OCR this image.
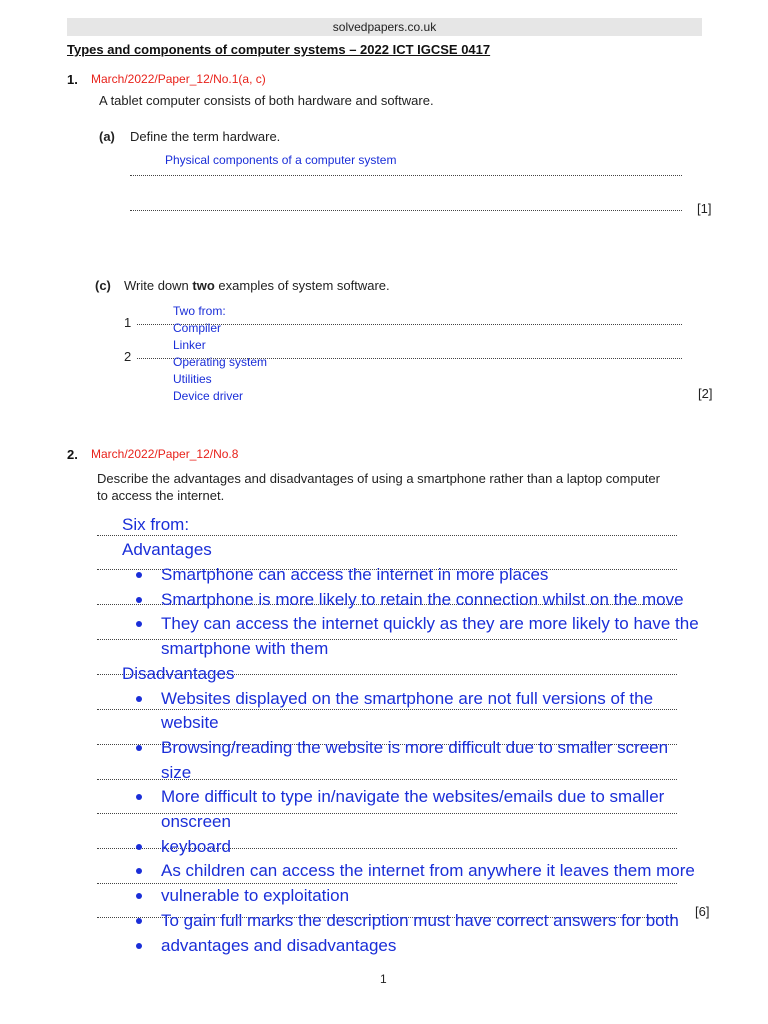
solvedpapers.co.uk
Types and components of computer systems – 2022 ICT IGCSE 0417
1. March/2022/Paper_12/No.1(a, c)
A tablet computer consists of both hardware and software.
(a) Define the term hardware.
Physical components of a computer system
[1]
(c) Write down two examples of system software.
1
2
Two from:
Compiler
Linker
Operating system
Utilities
Device driver	[2]
2. March/2022/Paper_12/No.8
Describe the advantages and disadvantages of using a smartphone rather than a laptop computer
to access the internet.
[6]
Six from:
Advantages
Smartphone can access the internet in more places
Smartphone is more likely to retain the connection whilst on the move
They can access the internet quickly as they are more likely to have the
smartphone with them
Disadvantages
Websites displayed on the smartphone are not full versions of the
website
Browsing/reading the website is more difficult due to smaller screen
size
More difficult to type in/navigate the websites/emails due to smaller
onscreen
keyboard
As children can access the internet from anywhere it leaves them more
vulnerable to exploitation
To gain full marks the description must have correct answers for both
advantages and disadvantages
1
